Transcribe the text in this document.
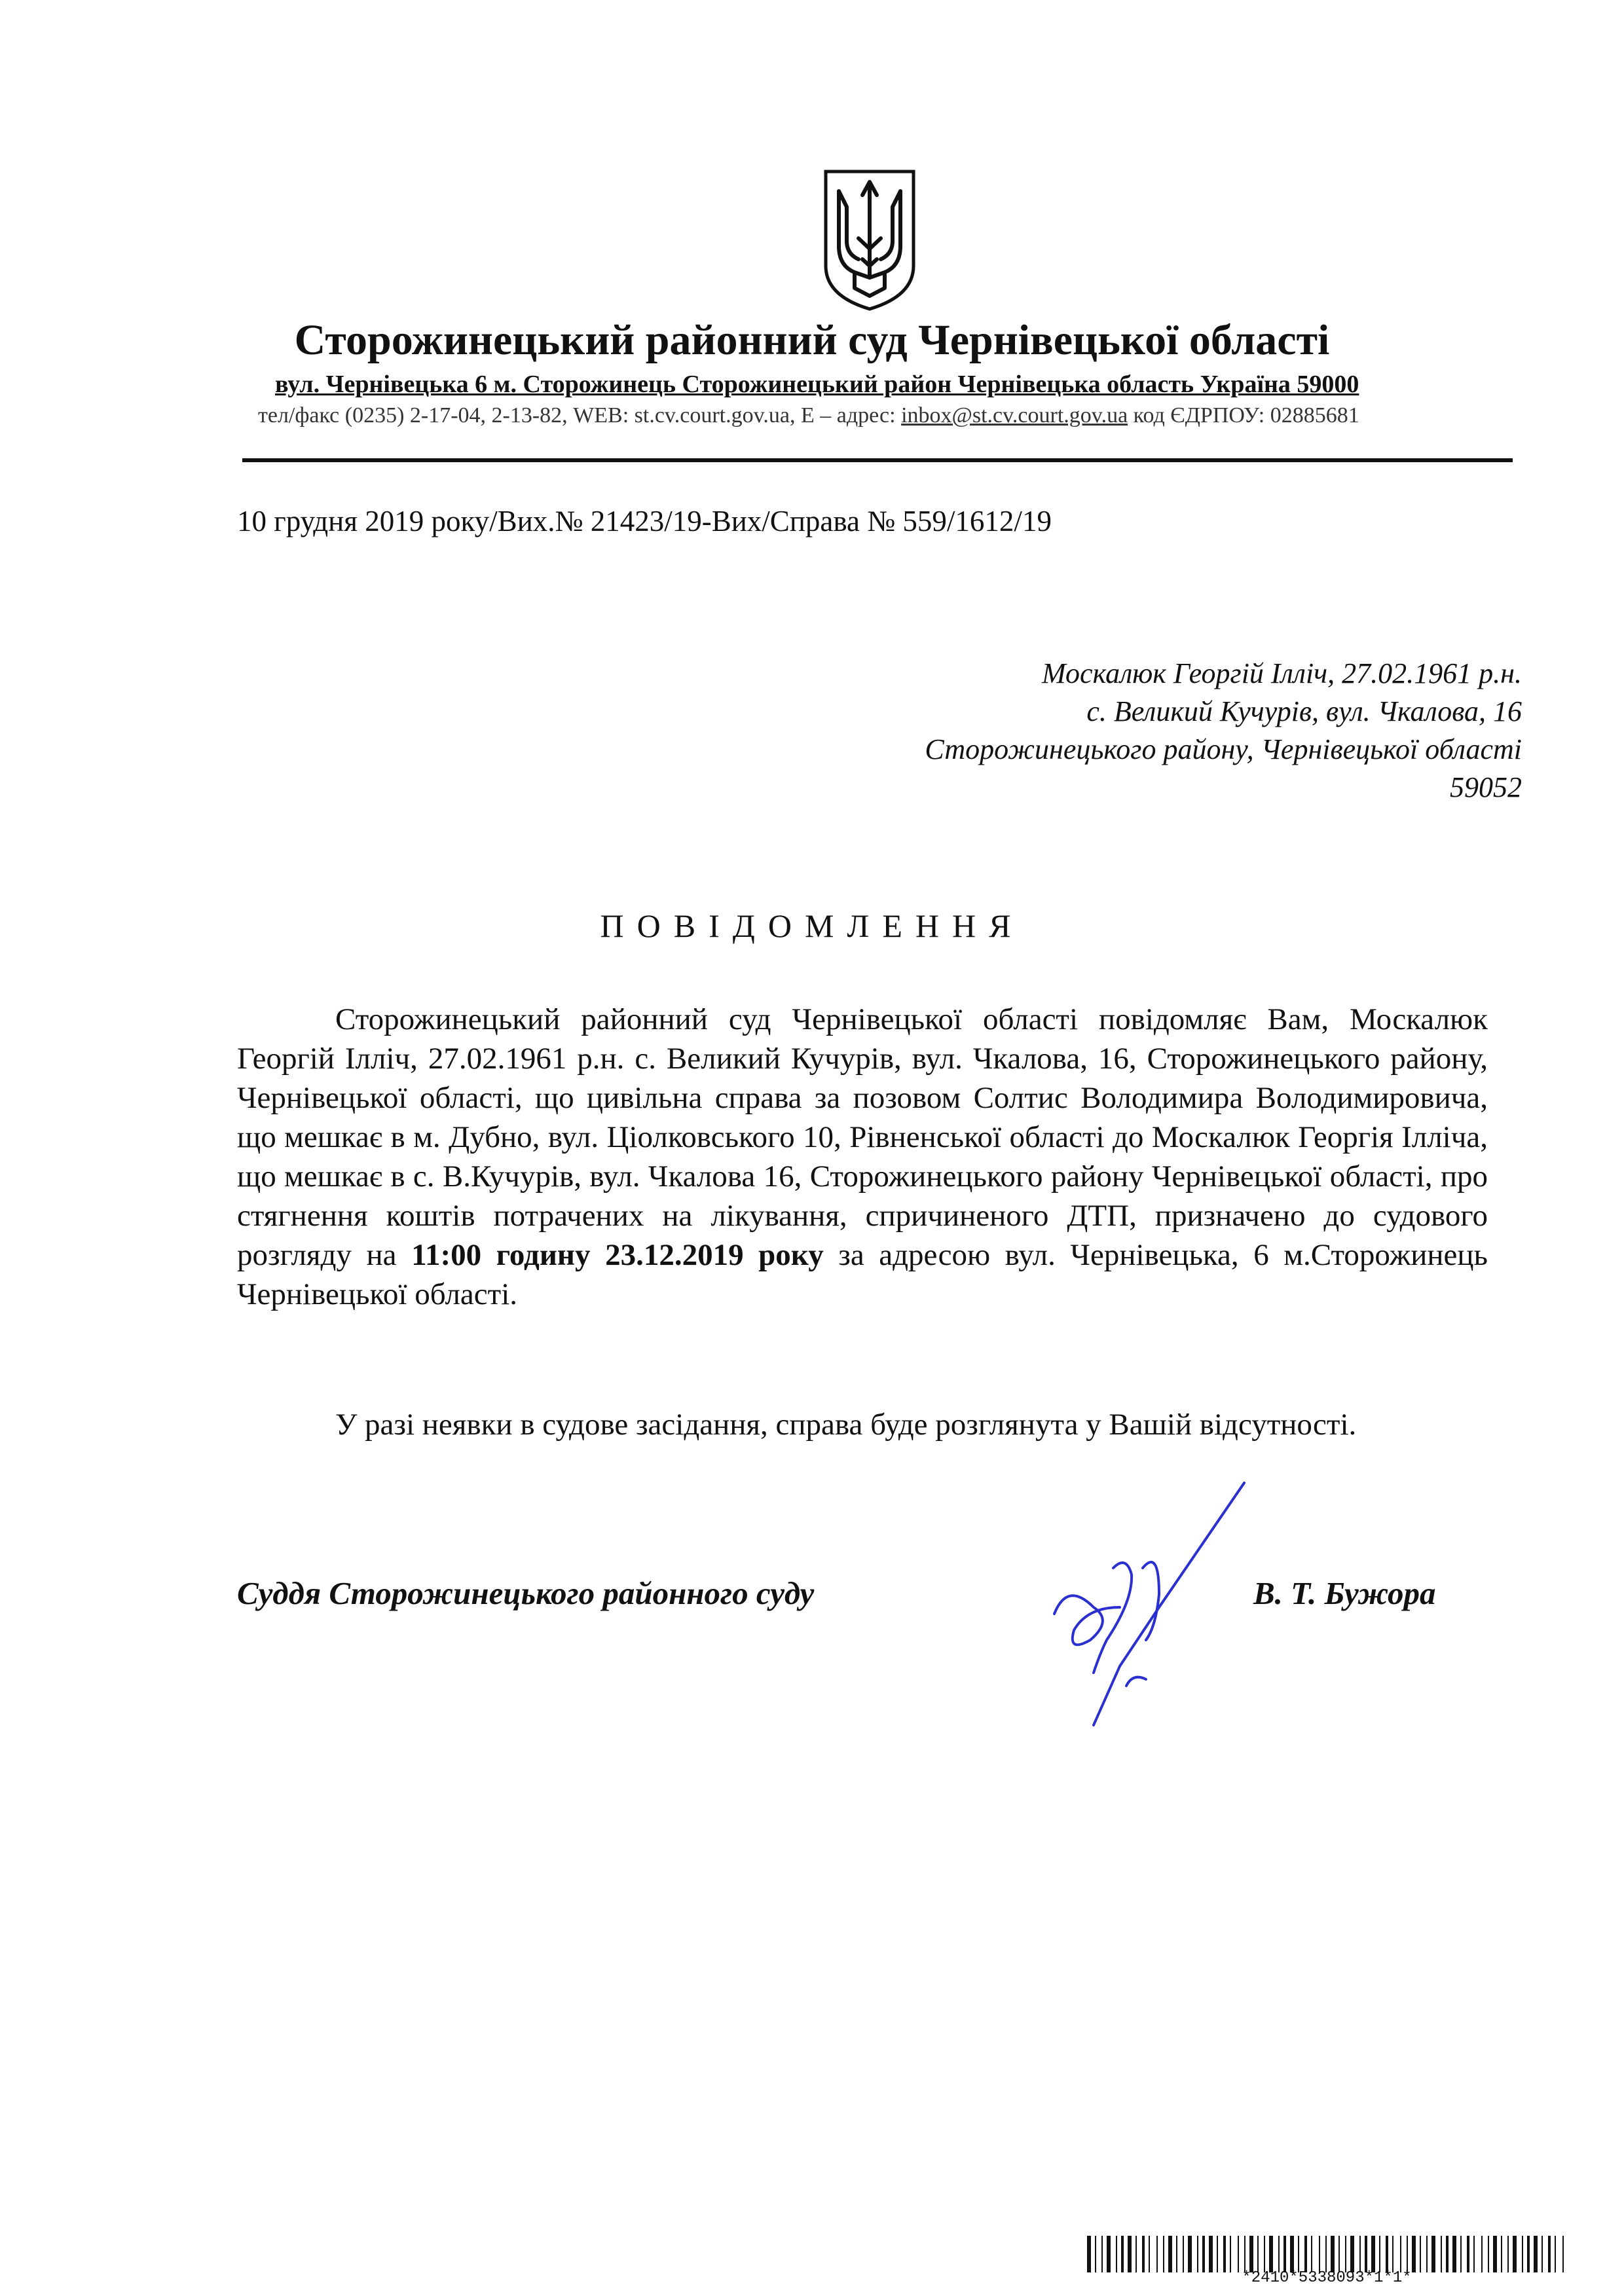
Сторожинецький районний суд Чернівецької області
вул. Чернівецька 6 м. Сторожинець Сторожинецький район Чернівецька область Україна 59000
тел/факс (0235) 2-17-04, 2-13-82, WEB: st.cv.court.gov.ua, E – адрес: inbox@st.cv.court.gov.ua код ЄДРПОУ: 02885681
10 грудня 2019 року/Вих.№ 21423/19-Вих/Справа № 559/1612/19
Москалюк Георгій Ілліч, 27.02.1961 р.н.
с. Великий Кучурів, вул. Чкалова, 16
Сторожинецького району, Чернівецької області
59052
ПОВІДОМЛЕННЯ
Сторожинецький районний суд Чернівецької області повідомляє Вам, Москалюк Георгій Ілліч, 27.02.1961 р.н. с. Великий Кучурів, вул. Чкалова, 16, Сторожинецького району, Чернівецької області, що цивільна справа за позовом Солтис Володимира Володимировича, що мешкає в м. Дубно, вул. Ціолковського 10, Рівненської області до Москалюк Георгія Ілліча, що мешкає в с. В.Кучурів, вул. Чкалова 16, Сторожинецького району Чернівецької області, про стягнення коштів потрачених на лікування, спричиненого ДТП, призначено до судового розгляду на 11:00 годину 23.12.2019 року за адресою вул. Чернівецька, 6 м.Сторожинець Чернівецької області.
У разі неявки в судове засідання, справа буде розглянута у Вашій відсутності.
Суддя Сторожинецького районного суду	В. Т. Бужора
*2410*5338093*1*1*
